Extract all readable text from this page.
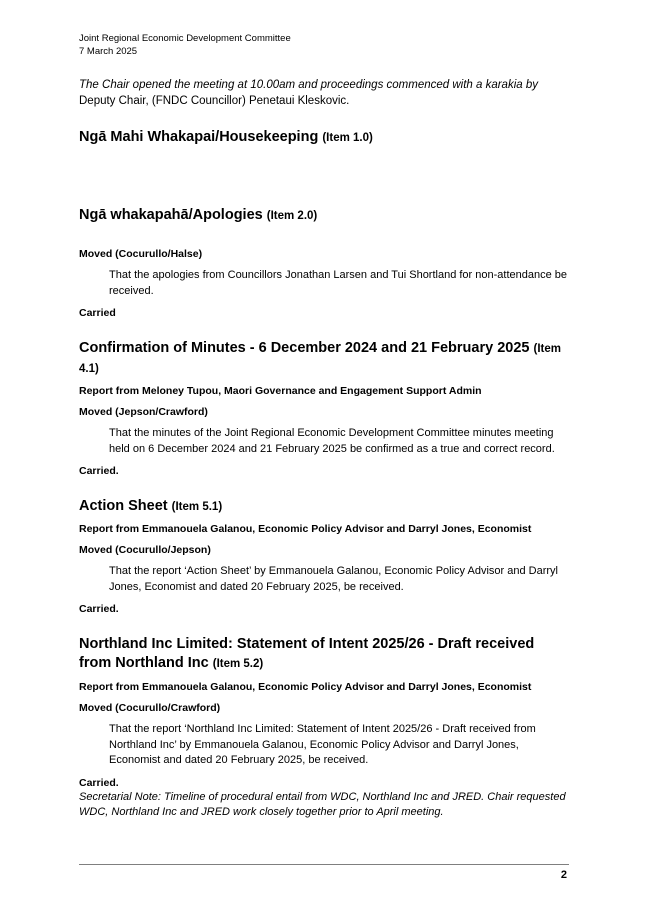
Joint Regional Economic Development Committee
7 March 2025

The Chair opened the meeting at 10.00am and proceedings commenced with a karakia by Deputy Chair, (FNDC Councillor) Penetaui Kleskovic.

Ngā Mahi Whakapai/Housekeeping (Item 1.0)
Ngā whakapahā/Apologies (Item 2.0)

Moved (Cocurullo/Halse)

That the apologies from Councillors Jonathan Larsen and Tui Shortland for non-attendance be received.

Carried

Confirmation of Minutes - 6 December 2024 and 21 February 2025 (Item 4.1)

Report from Meloney Tupou, Maori Governance and Engagement Support Admin

Moved (Jepson/Crawford)

That the minutes of the Joint Regional Economic Development Committee minutes meeting held on 6 December 2024 and 21 February 2025 be confirmed as a true and correct record.

Carried.

Action Sheet (Item 5.1)

Report from Emmanouela Galanou, Economic Policy Advisor and Darryl Jones, Economist

Moved (Cocurullo/Jepson)

That the report ‘Action Sheet’ by Emmanouela Galanou, Economic Policy Advisor and Darryl Jones, Economist and dated 20 February 2025, be received.

Carried.

Northland Inc Limited: Statement of Intent 2025/26 - Draft received from Northland Inc (Item 5.2)

Report from Emmanouela Galanou, Economic Policy Advisor and Darryl Jones, Economist

Moved (Cocurullo/Crawford)

That the report ‘Northland Inc Limited: Statement of Intent 2025/26 - Draft received from Northland Inc’ by Emmanouela Galanou, Economic Policy Advisor and Darryl Jones, Economist and dated 20 February 2025, be received.

Carried.

Secretarial Note: Timeline of procedural entail from WDC, Northland Inc and JRED. Chair requested WDC, Northland Inc and JRED work closely together prior to April meeting.

2
